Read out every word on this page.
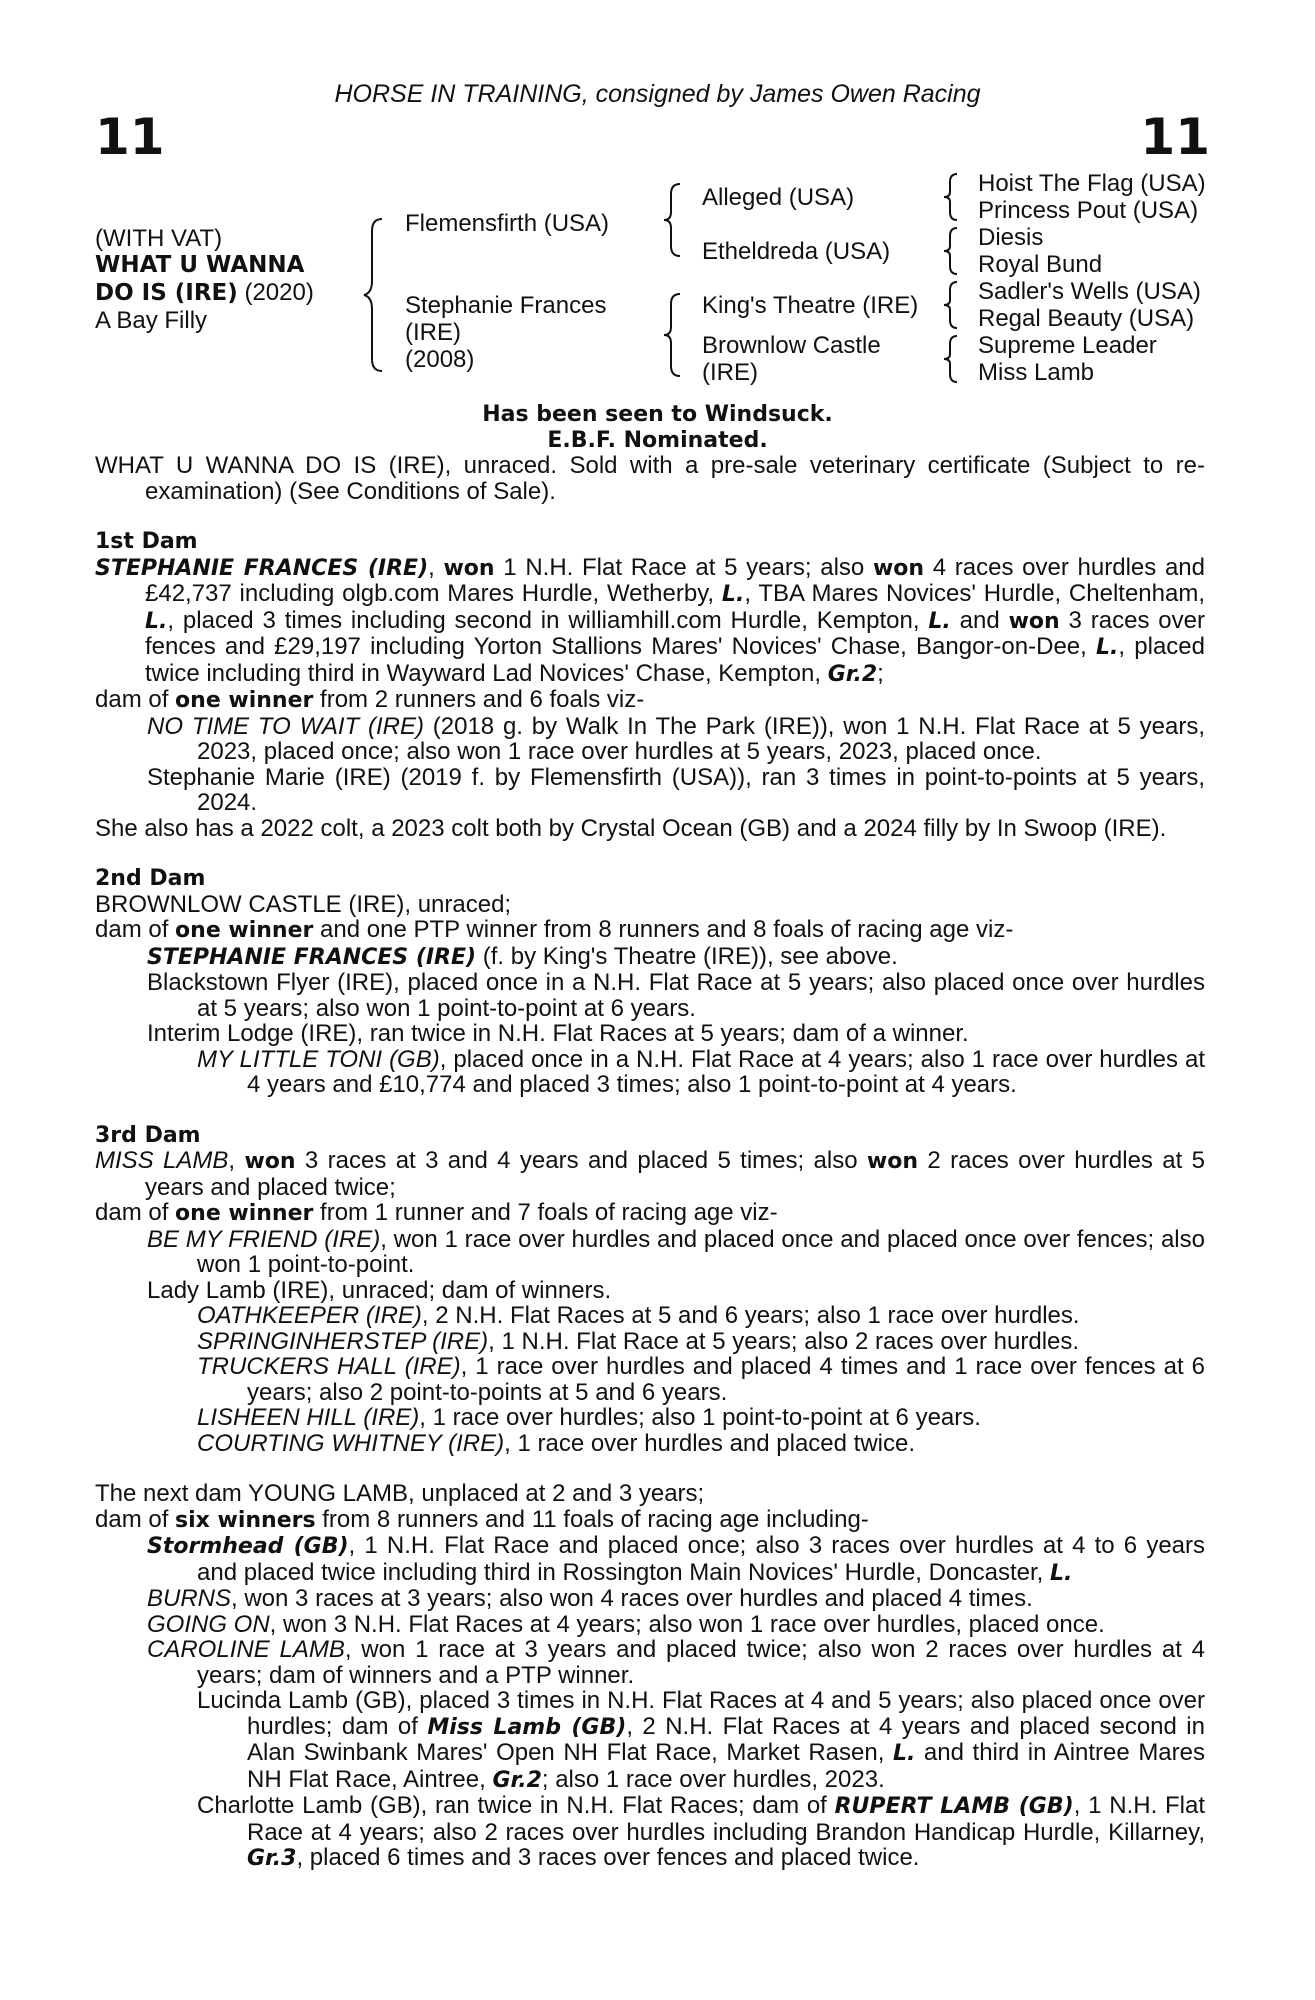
HORSE IN TRAINING, consigned by James Owen Racing
11	11
(WITH VAT)
WHAT U WANNA
DO IS (IRE) (2020)
A Bay Filly
Flemensfirth (USA)
Stephanie Frances
(IRE)
(2008)
Alleged (USA)
Etheldreda (USA)
King's Theatre (IRE)
Brownlow Castle
(IRE)
Hoist The Flag (USA)
Princess Pout (USA)
Diesis
Royal Bund
Sadler's Wells (USA)
Regal Beauty (USA)
Supreme Leader
Miss Lamb
Has been seen to Windsuck.
E.B.F. Nominated.

WHAT U WANNA DO IS (IRE), unraced. Sold with a pre-sale veterinary certificate (Subject to re-examination) (See Conditions of Sale).

1st Dam

STEPHANIE FRANCES (IRE), won 1 N.H. Flat Race at 5 years; also won 4 races over hurdles and £42,737 including olgb.com Mares Hurdle, Wetherby, L., TBA Mares Novices' Hurdle, Cheltenham, L., placed 3 times including second in williamhill.com Hurdle, Kempton, L. and won 3 races over fences and £29,197 including Yorton Stallions Mares' Novices' Chase, Bangor-on-Dee, L., placed twice including third in Wayward Lad Novices' Chase, Kempton, Gr.2;

dam of one winner from 2 runners and 6 foals viz-

NO TIME TO WAIT (IRE) (2018 g. by Walk In The Park (IRE)), won 1 N.H. Flat Race at 5 years, 2023, placed once; also won 1 race over hurdles at 5 years, 2023, placed once.

Stephanie Marie (IRE) (2019 f. by Flemensfirth (USA)), ran 3 times in point-to-points at 5 years, 2024.

She also has a 2022 colt, a 2023 colt both by Crystal Ocean (GB) and a 2024 filly by In Swoop (IRE).

2nd Dam

BROWNLOW CASTLE (IRE), unraced;

dam of one winner and one PTP winner from 8 runners and 8 foals of racing age viz-

STEPHANIE FRANCES (IRE) (f. by King's Theatre (IRE)), see above.

Blackstown Flyer (IRE), placed once in a N.H. Flat Race at 5 years; also placed once over hurdles at 5 years; also won 1 point-to-point at 6 years.

Interim Lodge (IRE), ran twice in N.H. Flat Races at 5 years; dam of a winner.

MY LITTLE TONI (GB), placed once in a N.H. Flat Race at 4 years; also 1 race over hurdles at 4 years and £10,774 and placed 3 times; also 1 point-to-point at 4 years.

3rd Dam

MISS LAMB, won 3 races at 3 and 4 years and placed 5 times; also won 2 races over hurdles at 5 years and placed twice;

dam of one winner from 1 runner and 7 foals of racing age viz-

BE MY FRIEND (IRE), won 1 race over hurdles and placed once and placed once over fences; also won 1 point-to-point.

Lady Lamb (IRE), unraced; dam of winners.

OATHKEEPER (IRE), 2 N.H. Flat Races at 5 and 6 years; also 1 race over hurdles.

SPRINGINHERSTEP (IRE), 1 N.H. Flat Race at 5 years; also 2 races over hurdles.

TRUCKERS HALL (IRE), 1 race over hurdles and placed 4 times and 1 race over fences at 6 years; also 2 point-to-points at 5 and 6 years.

LISHEEN HILL (IRE), 1 race over hurdles; also 1 point-to-point at 6 years.

COURTING WHITNEY (IRE), 1 race over hurdles and placed twice.

The next dam YOUNG LAMB, unplaced at 2 and 3 years;

dam of six winners from 8 runners and 11 foals of racing age including-

Stormhead (GB), 1 N.H. Flat Race and placed once; also 3 races over hurdles at 4 to 6 years and placed twice including third in Rossington Main Novices' Hurdle, Doncaster, L.

BURNS, won 3 races at 3 years; also won 4 races over hurdles and placed 4 times.

GOING ON, won 3 N.H. Flat Races at 4 years; also won 1 race over hurdles, placed once.

CAROLINE LAMB, won 1 race at 3 years and placed twice; also won 2 races over hurdles at 4 years; dam of winners and a PTP winner.

Lucinda Lamb (GB), placed 3 times in N.H. Flat Races at 4 and 5 years; also placed once over hurdles; dam of Miss Lamb (GB), 2 N.H. Flat Races at 4 years and placed second in Alan Swinbank Mares' Open NH Flat Race, Market Rasen, L. and third in Aintree Mares NH Flat Race, Aintree, Gr.2; also 1 race over hurdles, 2023.

Charlotte Lamb (GB), ran twice in N.H. Flat Races; dam of RUPERT LAMB (GB), 1 N.H. Flat Race at 4 years; also 2 races over hurdles including Brandon Handicap Hurdle, Killarney, Gr.3, placed 6 times and 3 races over fences and placed twice.
